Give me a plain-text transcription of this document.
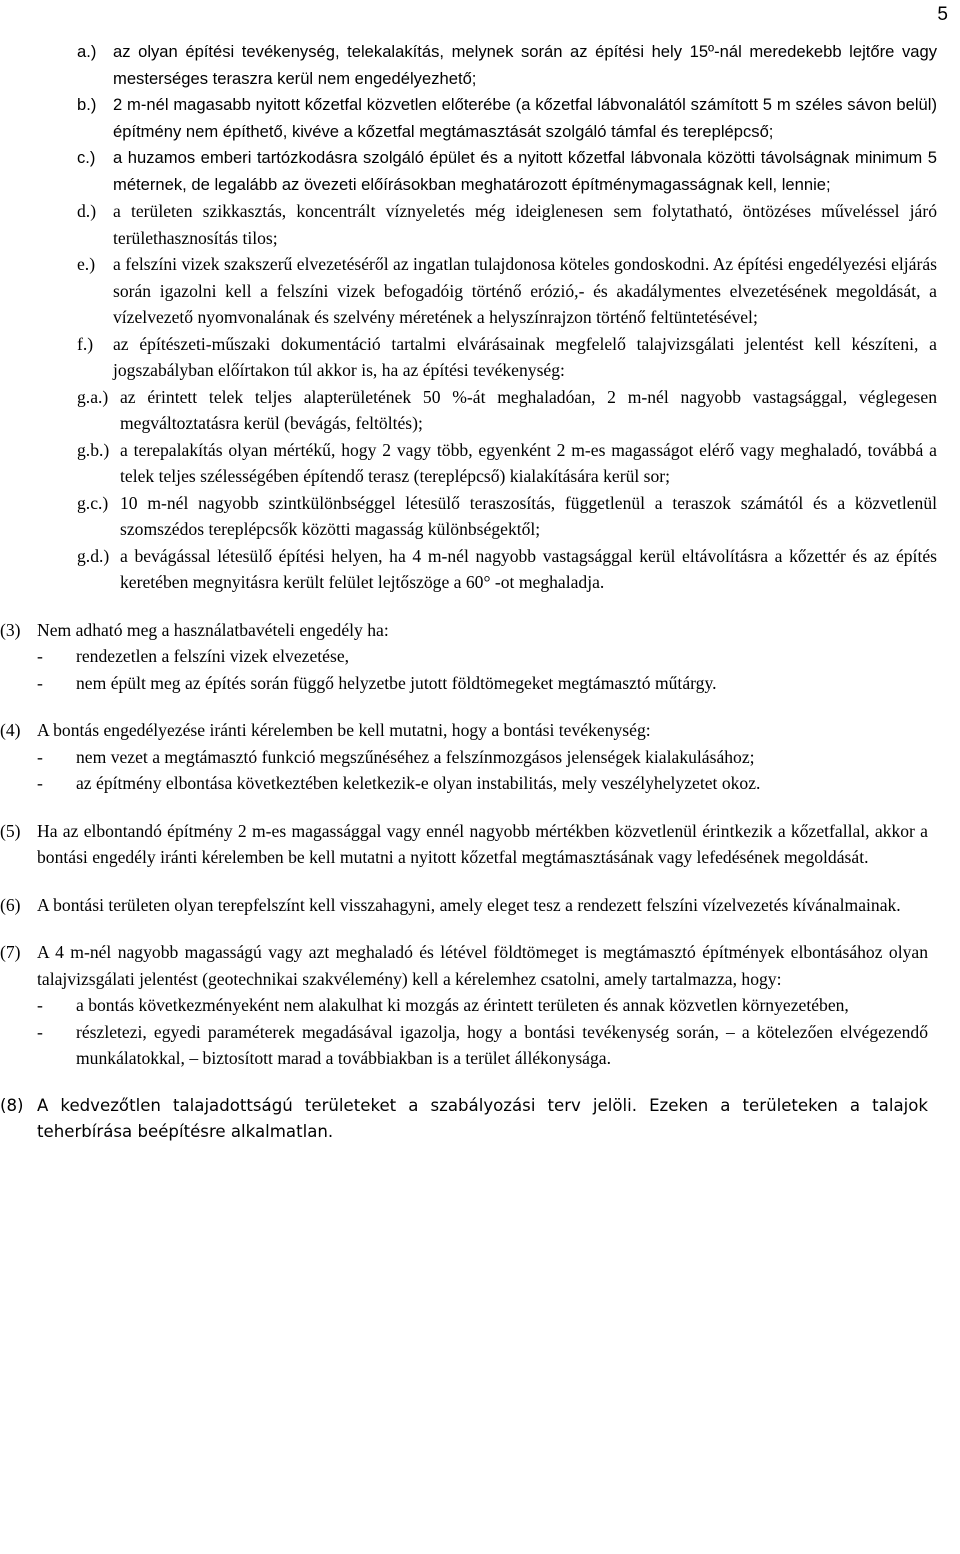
5
a.)	az olyan építési tevékenység, telekalakítás, melynek során az építési hely 15º-nál meredekebb lejtőre vagy mesterséges teraszra kerül nem engedélyezhető;
b.)	2 m-nél magasabb nyitott kőzetfal közvetlen előterébe (a kőzetfal lábvonalától számított 5 m széles sávon belül) építmény nem építhető, kivéve a kőzetfal megtámasztását szolgáló támfal és tereplépcső;
c.)	a huzamos emberi tartózkodásra szolgáló épület és a nyitott kőzetfal lábvonala közötti távolságnak minimum 5 méternek, de legalább az övezeti előírásokban meghatározott építménymagasságnak kell, lennie;
d.) a területen szikkasztás, koncentrált víznyeletés még ideiglenesen sem folytatható, öntözéses műveléssel járó területhasznosítás tilos;
e.)	a felszíni vizek szakszerű elvezetéséről az ingatlan tulajdonosa köteles gondoskodni. Az építési engedélyezési eljárás során igazolni kell a felszíni vizek befogadóig történő erózió,- és akadálymentes elvezetésének megoldását, a vízelvezető nyomvonalának és szelvény méretének a helyszínrajzon történő feltüntetésével;
f.)	az építészeti-műszaki dokumentáció tartalmi elvárásainak megfelelő talajvizsgálati jelentést kell készíteni, a jogszabályban előírtakon túl akkor is, ha az építési tevékenység:
g.a.) az érintett telek teljes alapterületének 50 %-át meghaladóan, 2 m-nél nagyobb vastagsággal, véglegesen megváltoztatásra kerül (bevágás, feltöltés);
g.b.) a terepalakítás olyan mértékű, hogy 2 vagy több, egyenként 2 m-es magasságot elérő vagy meghaladó, továbbá a telek teljes szélességében építendő terasz (tereplépcső) kialakítására kerül sor;
g.c.) 10 m-nél nagyobb szintkülönbséggel létesülő teraszosítás, függetlenül a teraszok számától és a közvetlenül szomszédos tereplépcsők közötti magasság különbségektől;
g.d.) a bevágással létesülő építési helyen, ha 4 m-nél nagyobb vastagsággal kerül eltávolításra a kőzettér és az építés keretében megnyitásra került felület lejtőszöge a 60° -ot meghaladja.
(3) Nem adható meg a használatbavételi engedély ha:
-	rendezetlen a felszíni vizek elvezetése,
-	nem épült meg az építés során függő helyzetbe jutott földtömegeket megtámasztó műtárgy.
(4) A bontás engedélyezése iránti kérelemben be kell mutatni, hogy a bontási tevékenység:
-	nem vezet a megtámasztó funkció megszűnéséhez a felszínmozgásos jelenségek kialakulásához;
-	az építmény elbontása következtében keletkezik-e olyan instabilitás, mely veszélyhelyzetet okoz.
(5) Ha az elbontandó építmény 2 m-es magassággal vagy ennél nagyobb mértékben közvetlenül érintkezik a kőzetfallal, akkor a bontási engedély iránti kérelemben be kell mutatni a nyitott kőzetfal megtámasztásának vagy lefedésének megoldását.
(6) A bontási területen olyan terepfelszínt kell visszahagyni, amely eleget tesz a rendezett felszíni vízelvezetés kívánalmainak.
(7) A 4 m-nél nagyobb magasságú vagy azt meghaladó és létével földtömeget is megtámasztó építmények elbontásához olyan talajvizsgálati jelentést (geotechnikai szakvélemény) kell a kérelemhez csatolni, amely tartalmazza, hogy:
-	a bontás következményeként nem alakulhat ki mozgás az érintett területen és annak közvetlen környezetében,
-	részletezi, egyedi paraméterek megadásával igazolja, hogy a bontási tevékenység során, – a kötelezően elvégezendő munkálatokkal, – biztosított marad a továbbiakban is a terület állékonysága.
(8) A kedvezőtlen talajadottságú területeket a szabályozási terv jelöli. Ezeken a területeken a talajok teherbírása beépítésre alkalmatlan.
